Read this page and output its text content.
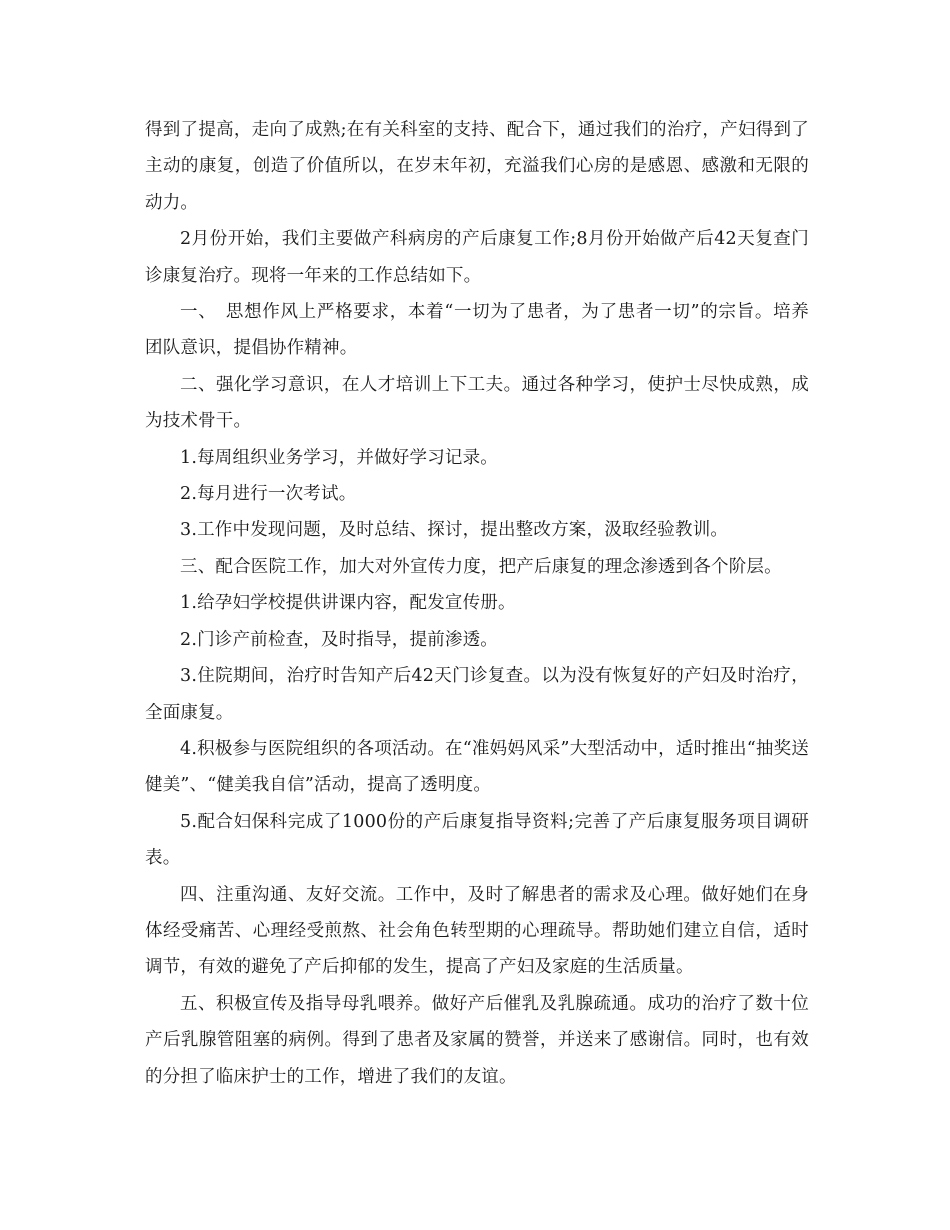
得到了提高，走向了成熟;在有关科室的支持、配合下，通过我们的治疗，产妇得到了主动的康复，创造了价值所以，在岁末年初，充溢我们心房的是感恩、感激和无限的动力。

2月份开始，我们主要做产科病房的产后康复工作;8月份开始做产后42天复查门诊康复治疗。现将一年来的工作总结如下。

一、　思想作风上严格要求，本着“一切为了患者，为了患者一切”的宗旨。培养团队意识，提倡协作精神。

二、强化学习意识，在人才培训上下工夫。通过各种学习，使护士尽快成熟，成为技术骨干。

1.每周组织业务学习，并做好学习记录。

2.每月进行一次考试。

3.工作中发现问题，及时总结、探讨，提出整改方案，汲取经验教训。

三、配合医院工作，加大对外宣传力度，把产后康复的理念渗透到各个阶层。

1.给孕妇学校提供讲课内容，配发宣传册。

2.门诊产前检查，及时指导，提前渗透。

3.住院期间，治疗时告知产后42天门诊复查。以为没有恢复好的产妇及时治疗，全面康复。

4.积极参与医院组织的各项活动。在“准妈妈风采”大型活动中，适时推出“抽奖送健美”、“健美我自信”活动，提高了透明度。

5.配合妇保科完成了1000份的产后康复指导资料;完善了产后康复服务项目调研表。

四、注重沟通、友好交流。工作中，及时了解患者的需求及心理。做好她们在身体经受痛苦、心理经受煎熬、社会角色转型期的心理疏导。帮助她们建立自信，适时调节，有效的避免了产后抑郁的发生，提高了产妇及家庭的生活质量。

五、积极宣传及指导母乳喂养。做好产后催乳及乳腺疏通。成功的治疗了数十位产后乳腺管阻塞的病例。得到了患者及家属的赞誉，并送来了感谢信。同时，也有效的分担了临床护士的工作，增进了我们的友谊。
